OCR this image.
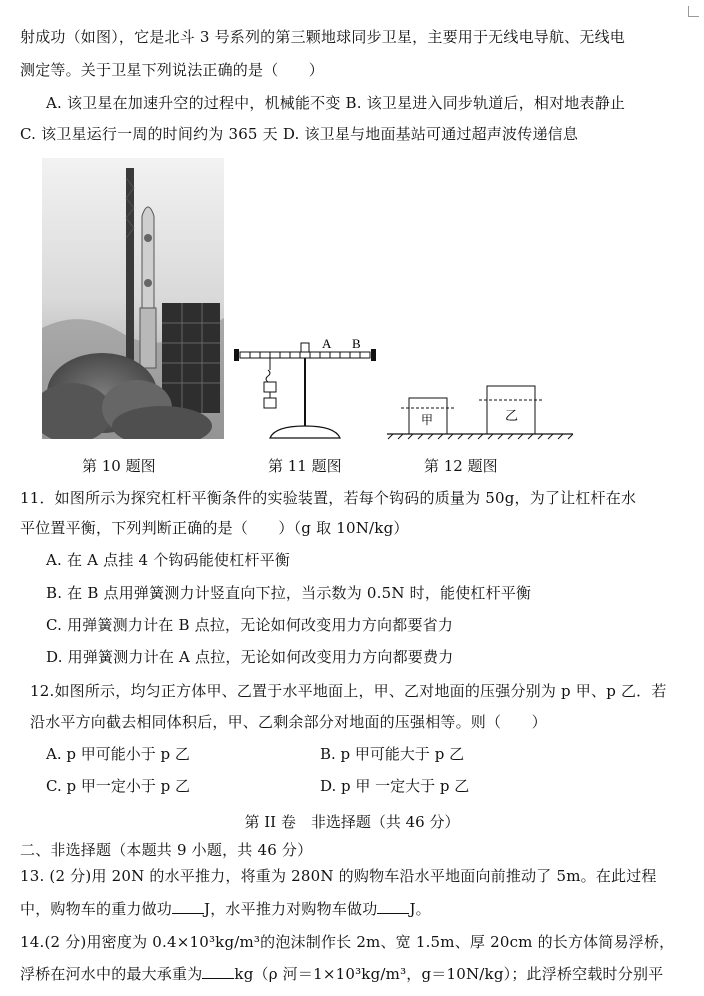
射成功（如图），它是北斗 3 号系列的第三颗地球同步卫星，主要用于无线电导航、无线电
测定等。关于卫星下列说法正确的是（　　）
A. 该卫星在加速升空的过程中，机械能不变 B. 该卫星进入同步轨道后，相对地表静止
C. 该卫星运行一周的时间约为 365 天 D. 该卫星与地面基站可通过超声波传递信息
A B
甲	乙
第 10 题图	第 11 题图	第 12 题图
11．如图所示为探究杠杆平衡条件的实验装置，若每个钩码的质量为 50g，为了让杠杆在水
平位置平衡，下列判断正确的是（　　）（g 取 10N/kg）
A. 在 A 点挂 4 个钩码能使杠杆平衡
B. 在 B 点用弹簧测力计竖直向下拉，当示数为 0.5N 时，能使杠杆平衡
C. 用弹簧测力计在 B 点拉，无论如何改变用力方向都要省力
D. 用弹簧测力计在 A 点拉，无论如何改变用力方向都要费力
12.如图所示，均匀正方体甲、乙置于水平地面上，甲、乙对地面的压强分别为 p 甲、p 乙．若
沿水平方向截去相同体积后，甲、乙剩余部分对地面的压强相等。则（　　）
A. p 甲可能小于 p 乙	B. p 甲可能大于 p 乙
C. p 甲一定小于 p 乙	D. p 甲 一定大于 p 乙
第 II 卷　非选择题（共 46 分）
二、非选择题（本题共 9 小题，共 46 分）
13. (2 分)用 20N 的水平推力，将重为 280N 的购物车沿水平地面向前推动了 5m。在此过程
中，购物车的重力做功 J，水平推力对购物车做功 J。
14.(2 分)用密度为 0.4×10³kg/m³的泡沫制作长 2m、宽 1.5m、厚 20cm 的长方体简易浮桥，
浮桥在河水中的最大承重为 kg（ρ 河＝1×10³kg/m³，g＝10N/kg）；此浮桥空载时分别平
